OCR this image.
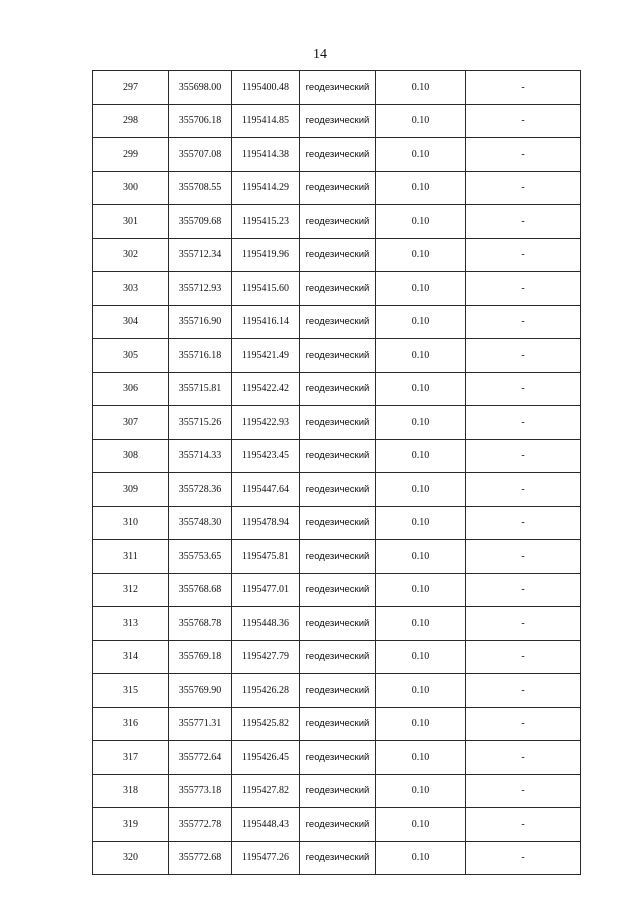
14
297	355698.00	1195400.48	геодезический	0.10	-
298	355706.18	1195414.85	геодезический	0.10	-
299	355707.08	1195414.38	геодезический	0.10	-
300	355708.55	1195414.29	геодезический	0.10	-
301	355709.68	1195415.23	геодезический	0.10	-
302	355712.34	1195419.96	геодезический	0.10	-
303	355712.93	1195415.60	геодезический	0.10	-
304	355716.90	1195416.14	геодезический	0.10	-
305	355716.18	1195421.49	геодезический	0.10	-
306	355715.81	1195422.42	геодезический	0.10	-
307	355715.26	1195422.93	геодезический	0.10	-
308	355714.33	1195423.45	геодезический	0.10	-
309	355728.36	1195447.64	геодезический	0.10	-
310	355748.30	1195478.94	геодезический	0.10	-
311	355753.65	1195475.81	геодезический	0.10	-
312	355768.68	1195477.01	геодезический	0.10	-
313	355768.78	1195448.36	геодезический	0.10	-
314	355769.18	1195427.79	геодезический	0.10	-
315	355769.90	1195426.28	геодезический	0.10	-
316	355771.31	1195425.82	геодезический	0.10	-
317	355772.64	1195426.45	геодезический	0.10	-
318	355773.18	1195427.82	геодезический	0.10	-
319	355772.78	1195448.43	геодезический	0.10	-
320	355772.68	1195477.26	геодезический	0.10	-
